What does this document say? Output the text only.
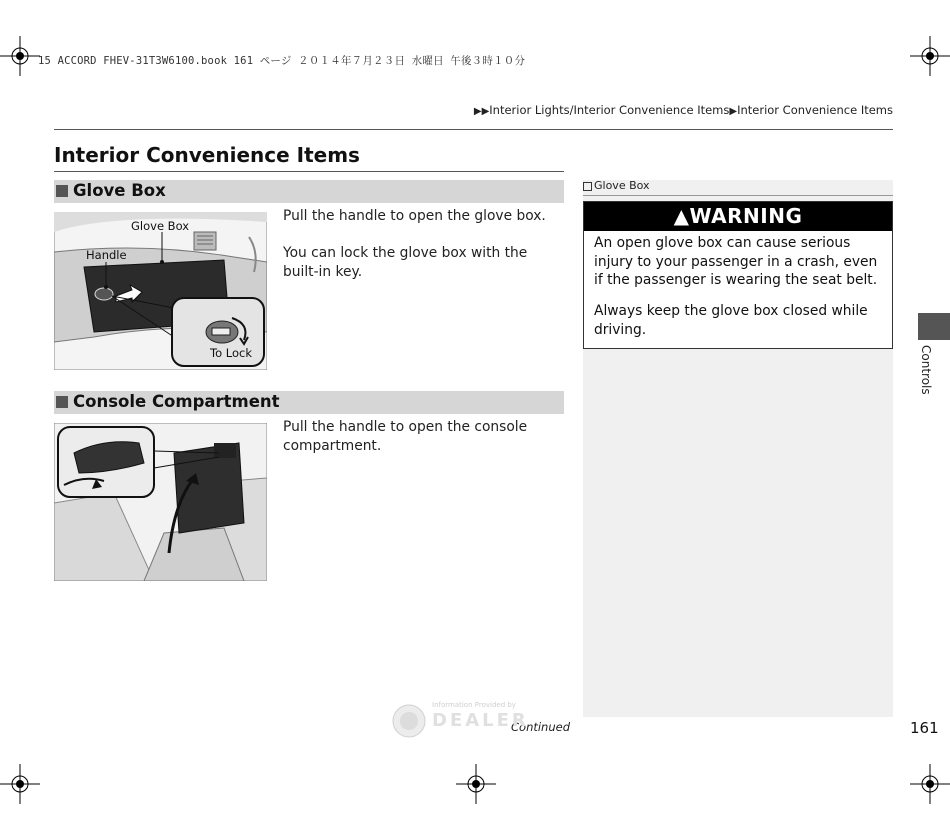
15 ACCORD FHEV-31T3W6100.book 161 ページ ２０１４年７月２３日 水曜日 午後３時１０分
▶▶Interior Lights/Interior Convenience Items▶Interior Convenience Items
Interior Convenience Items
Glove Box
Glove Box
Handle
To Lock
Pull the handle to open the glove box.
You can lock the glove box with the built-in key.
Console Compartment
Pull the handle to open the console compartment.
Glove Box
▲WARNING
An open glove box can cause serious injury to your passenger in a crash, even if the passenger is wearing the seat belt.
Always keep the glove box closed while driving.
Controls
161
Continued
Information Provided by
DEALER
